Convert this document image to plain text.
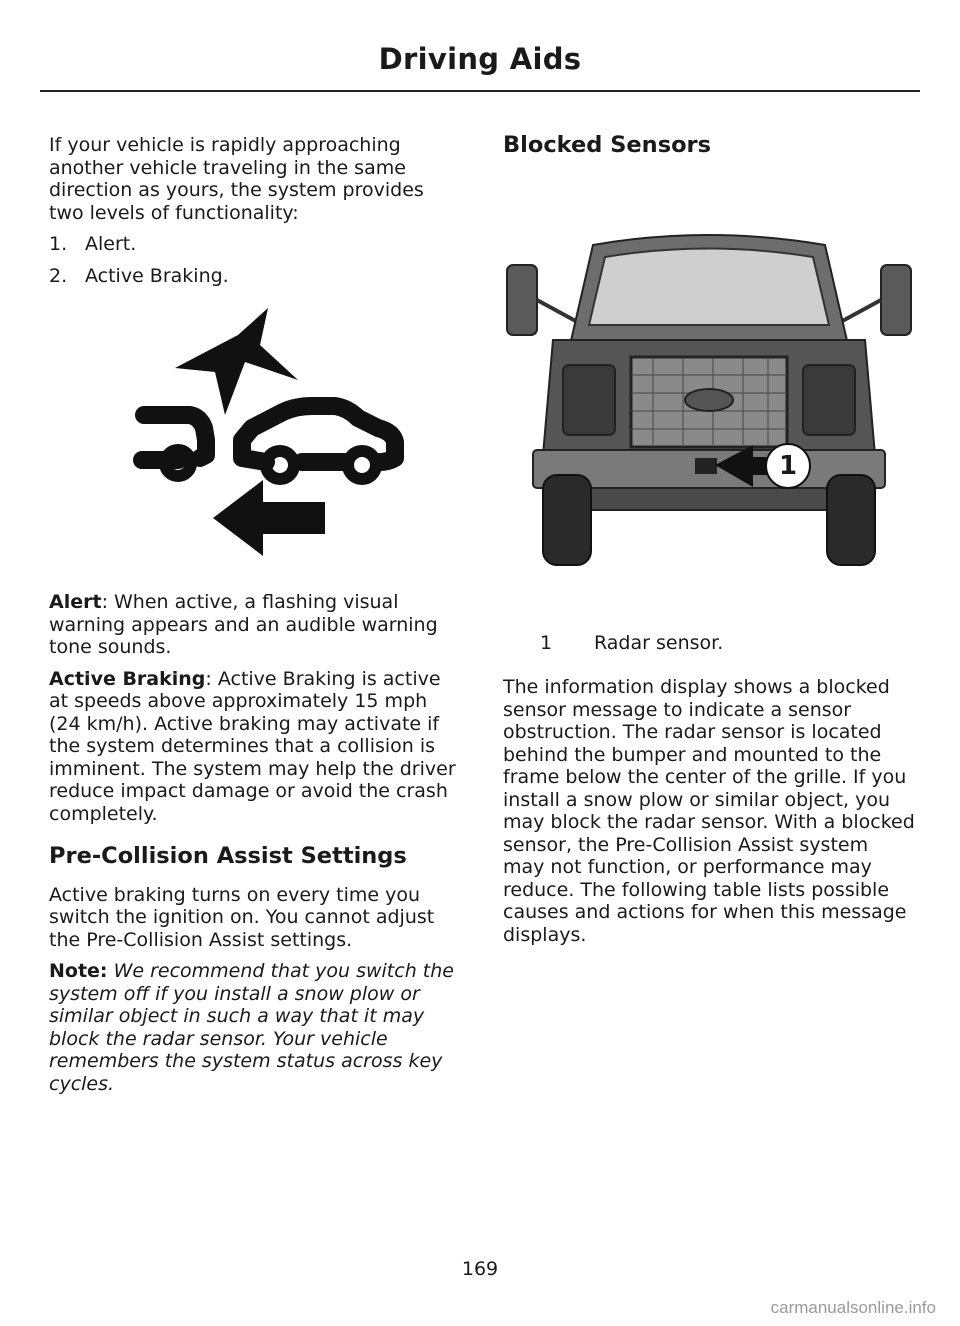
Driving Aids

If your vehicle is rapidly approaching another vehicle traveling in the same direction as yours, the system provides two levels of functionality:

1. Alert.
2. Active Braking.

Alert: When active, a flashing visual warning appears and an audible warning tone sounds.

Active Braking: Active Braking is active at speeds above approximately 15 mph (24 km/h). Active braking may activate if the system determines that a collision is imminent. The system may help the driver reduce impact damage or avoid the crash completely.

Pre-Collision Assist Settings

Active braking turns on every time you switch the ignition on. You cannot adjust the Pre-Collision Assist settings.

Note: We recommend that you switch the system off if you install a snow plow or similar object in such a way that it may block the radar sensor. Your vehicle remembers the system status across key cycles.

Blocked Sensors
1
1	Radar sensor.
The information display shows a blocked sensor message to indicate a sensor obstruction. The radar sensor is located behind the bumper and mounted to the frame below the center of the grille. If you install a snow plow or similar object, you may block the radar sensor. With a blocked sensor, the Pre-Collision Assist system may not function, or performance may reduce. The following table lists possible causes and actions for when this message displays.
169
carmanualsonline.info
